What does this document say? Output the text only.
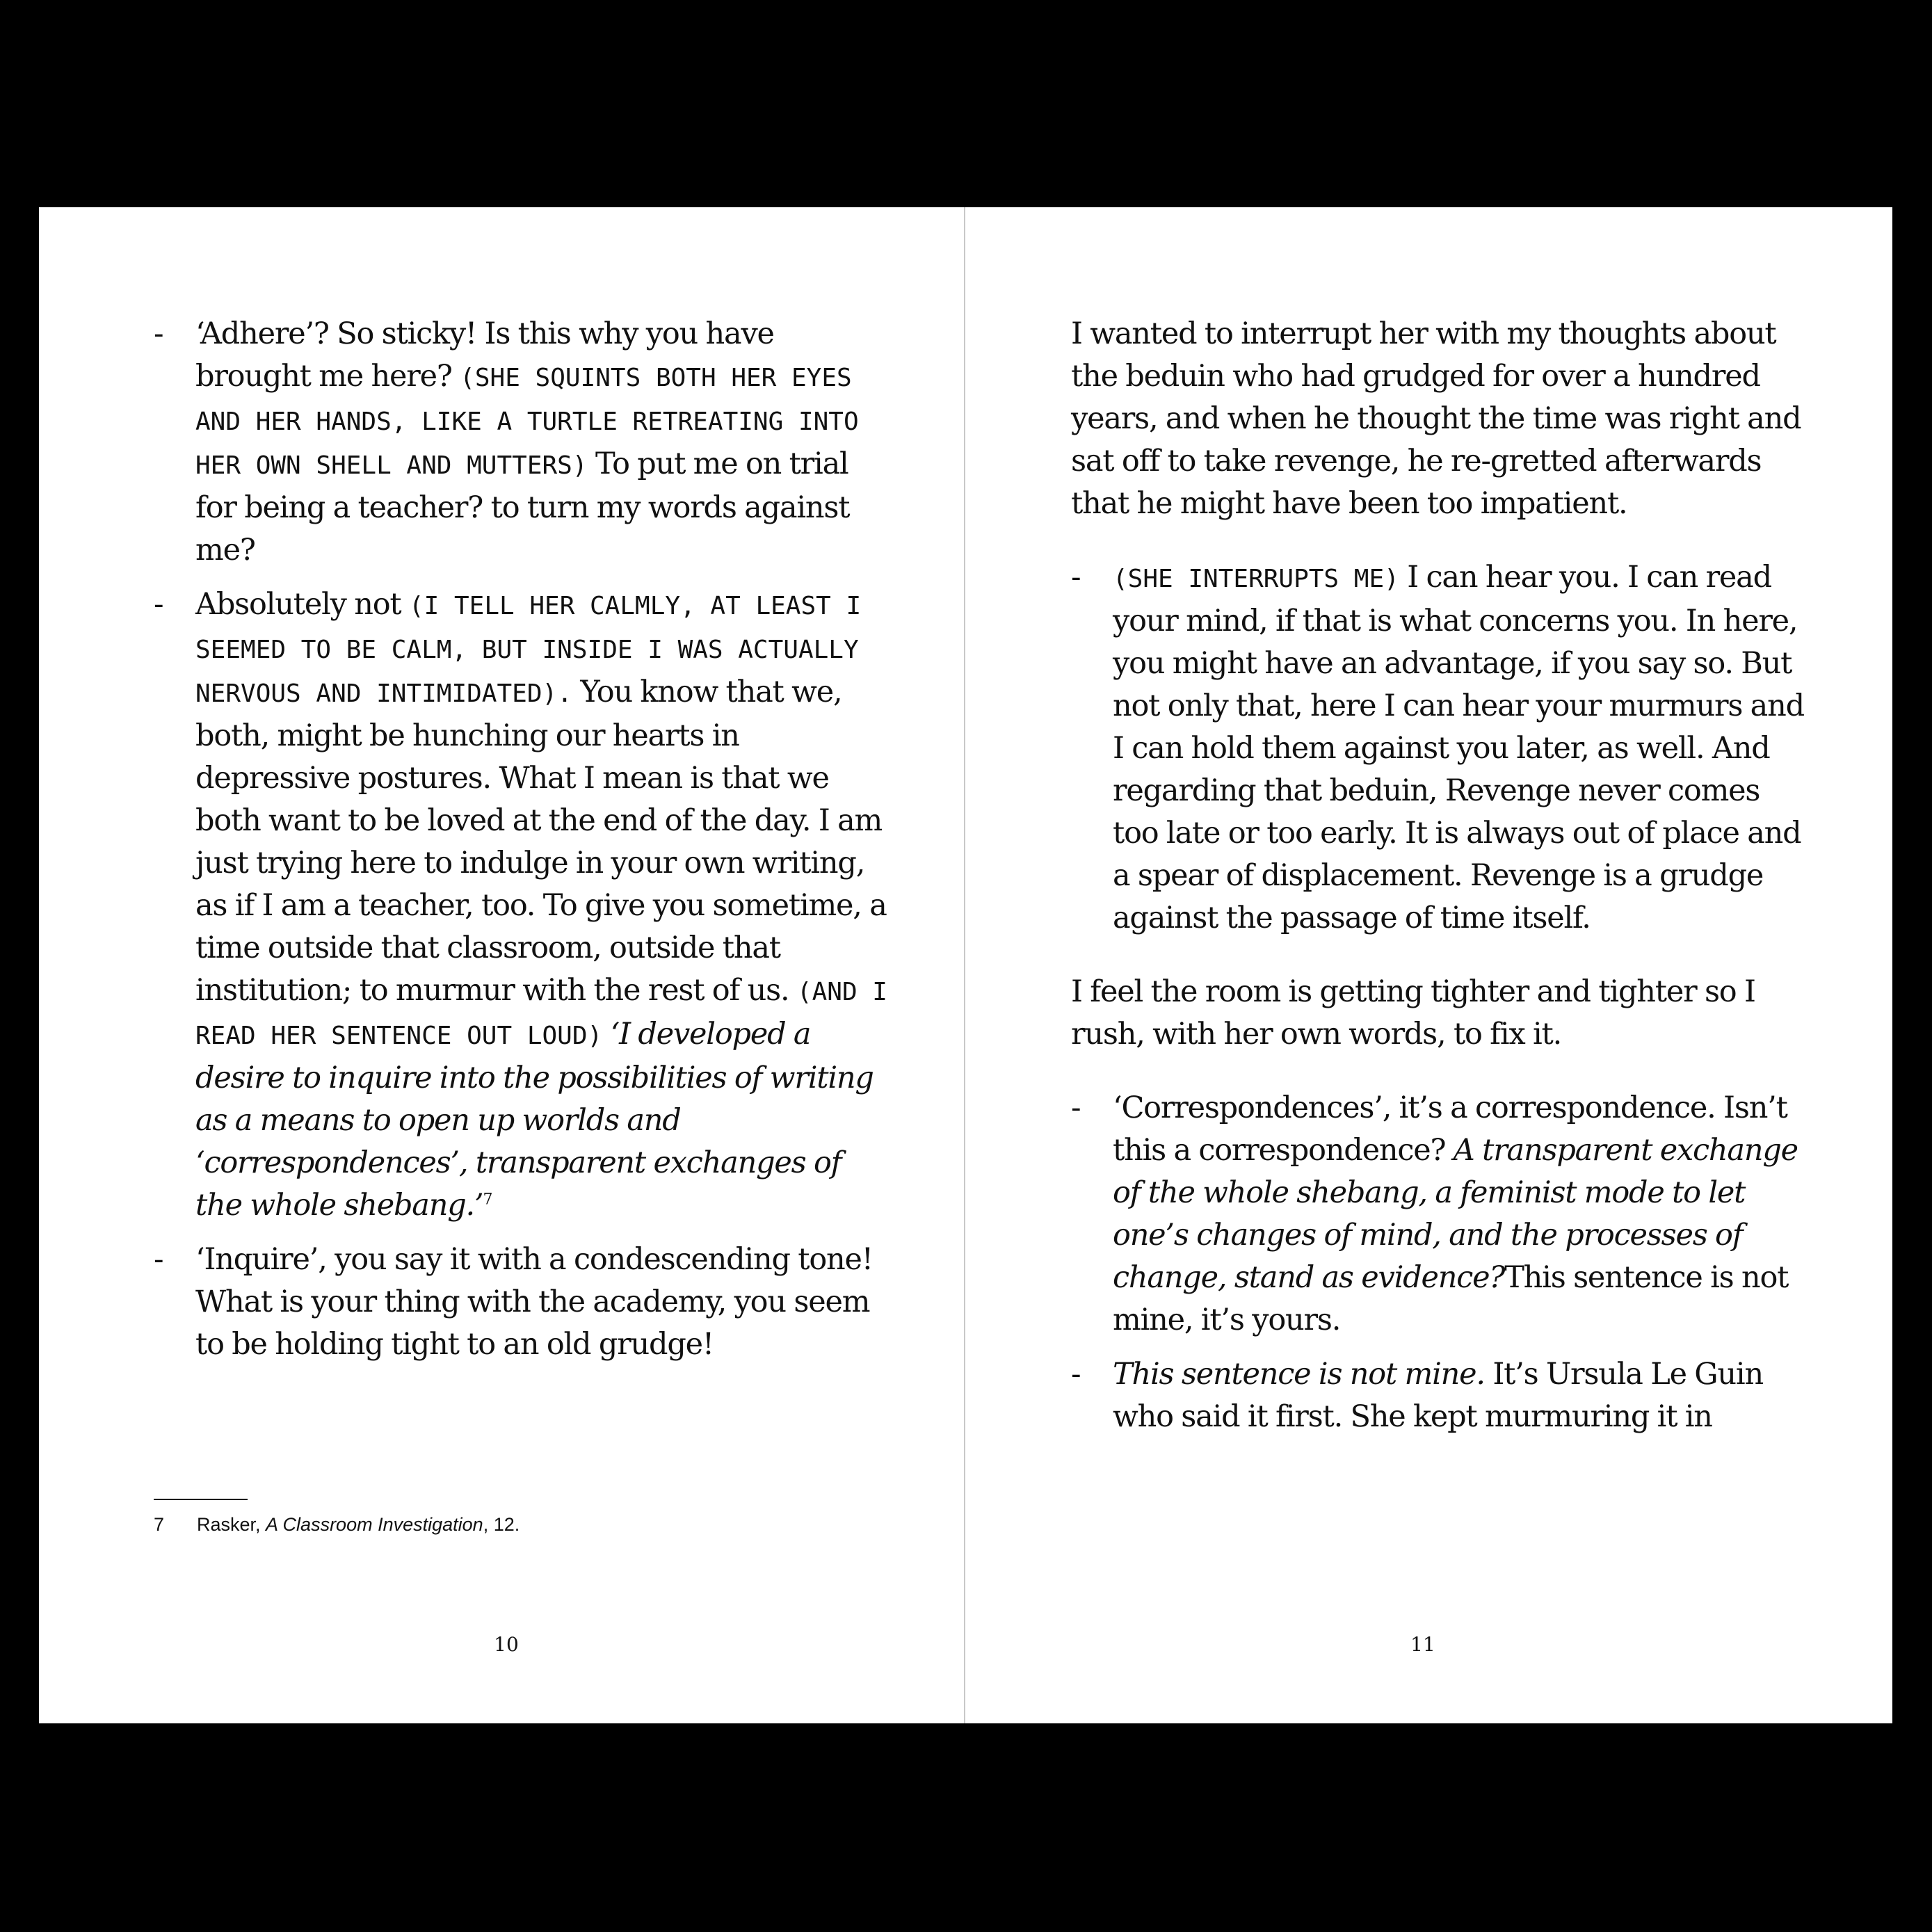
- ‘Adhere’? So sticky! Is this why you have brought me here? (SHE SQUINTS BOTH HER EYES AND HER HANDS, LIKE A TURTLE RETREATING INTO HER OWN SHELL AND MUTTERS) To put me on trial for being a teacher? to turn my words against me?
- Absolutely not (I TELL HER CALMLY, AT LEAST I SEEMED TO BE CALM, BUT INSIDE I WAS ACTUALLY NERVOUS AND INTIMIDATED). You know that we, both, might be hunching our hearts in depressive postures. What I mean is that we both want to be loved at the end of the day. I am just trying here to indulge in your own writing, as if I am a teacher, too. To give you sometime, a time outside that classroom, outside that institution; to murmur with the rest of us. (AND I READ HER SENTENCE OUT LOUD) ‘I developed a desire to inquire into the possibilities of writing as a means to open up worlds and ‘correspondences’, transparent exchanges of the whole shebang.’$^7$
- ‘Inquire’, you say it with a condescending tone! What is your thing with the academy, you seem to be holding tight to an old grudge!
7 Rasker, A Classroom Investigation, 12.
10
I wanted to interrupt her with my thoughts about the beduin who had grudged for over a hundred years, and when he thought the time was right and sat off to take revenge, he re-gretted afterwards that he might have been too impatient.
- (SHE INTERRUPTS ME) I can hear you. I can read your mind, if that is what concerns you. In here, you might have an advantage, if you say so. But not only that, here I can hear your murmurs and I can hold them against you later, as well. And regarding that beduin, Revenge never comes too late or too early. It is always out of place and a spear of displacement. Revenge is a grudge against the passage of time itself.
I feel the room is getting tighter and tighter so I rush, with her own words, to fix it.
- ‘Correspondences’, it’s a correspondence. Isn’t this a correspondence? A transparent exchange of the whole shebang, a feminist mode to let one’s changes of mind, and the processes of change, stand as evidence?This sentence is not mine, it’s yours.
- This sentence is not mine. It’s Ursula Le Guin who said it first. She kept murmuring it in
11
